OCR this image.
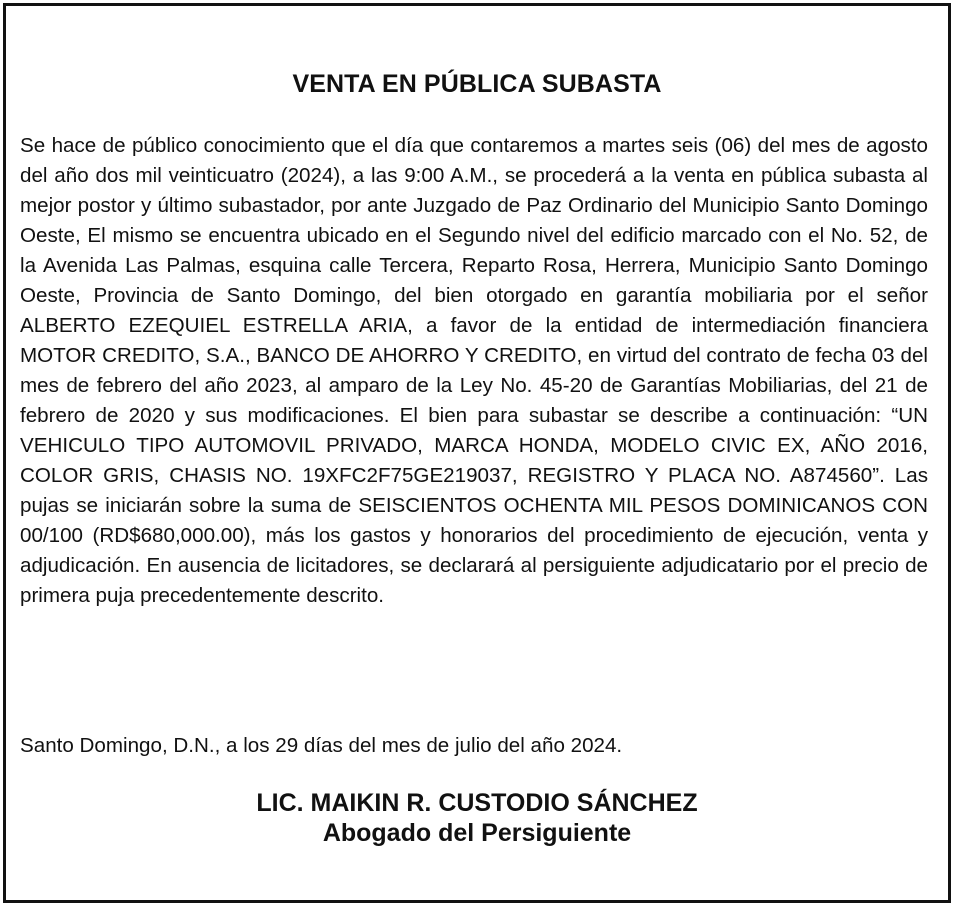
VENTA EN PÚBLICA SUBASTA

Se hace de público conocimiento que el día que contaremos a martes seis (06) del mes de agosto del año dos mil veinticuatro (2024), a las 9:00 A.M., se procederá a la venta en pública subasta al mejor postor y último subastador, por ante Juzgado de Paz Ordinario del Municipio Santo Domingo Oeste, El mismo se encuentra ubicado en el Segundo nivel del edificio marcado con el No. 52, de la Avenida Las Palmas, esquina calle Tercera, Reparto Rosa, Herrera, Municipio Santo Domingo Oeste, Provincia de Santo Domingo, del bien otorgado en garantía mobiliaria por el señor ALBERTO EZEQUIEL ESTRELLA ARIA, a favor de la entidad de intermediación financiera MOTOR CREDITO, S.A., BANCO DE AHORRO Y CREDITO, en virtud del contrato de fecha 03 del mes de febrero del año 2023, al amparo de la Ley No. 45-20 de Garantías Mobiliarias, del 21 de febrero de 2020 y sus modificaciones. El bien para subastar se describe a continuación: “UN VEHICULO TIPO AUTOMOVIL PRIVADO, MARCA HONDA, MODELO CIVIC EX, AÑO 2016, COLOR GRIS, CHASIS NO. 19XFC2F75GE219037, REGISTRO Y PLACA NO. A874560”. Las pujas se iniciarán sobre la suma de SEISCIENTOS OCHENTA MIL PESOS DOMINICANOS CON 00/100 (RD$680,000.00), más los gastos y honorarios del procedimiento de ejecución, venta y adjudicación. En ausencia de licitadores, se declarará al persiguiente adjudicatario por el precio de primera puja precedentemente descrito.

Santo Domingo, D.N., a los 29 días del mes de julio del año 2024.

LIC. MAIKIN R. CUSTODIO SÁNCHEZ
Abogado del Persiguiente
